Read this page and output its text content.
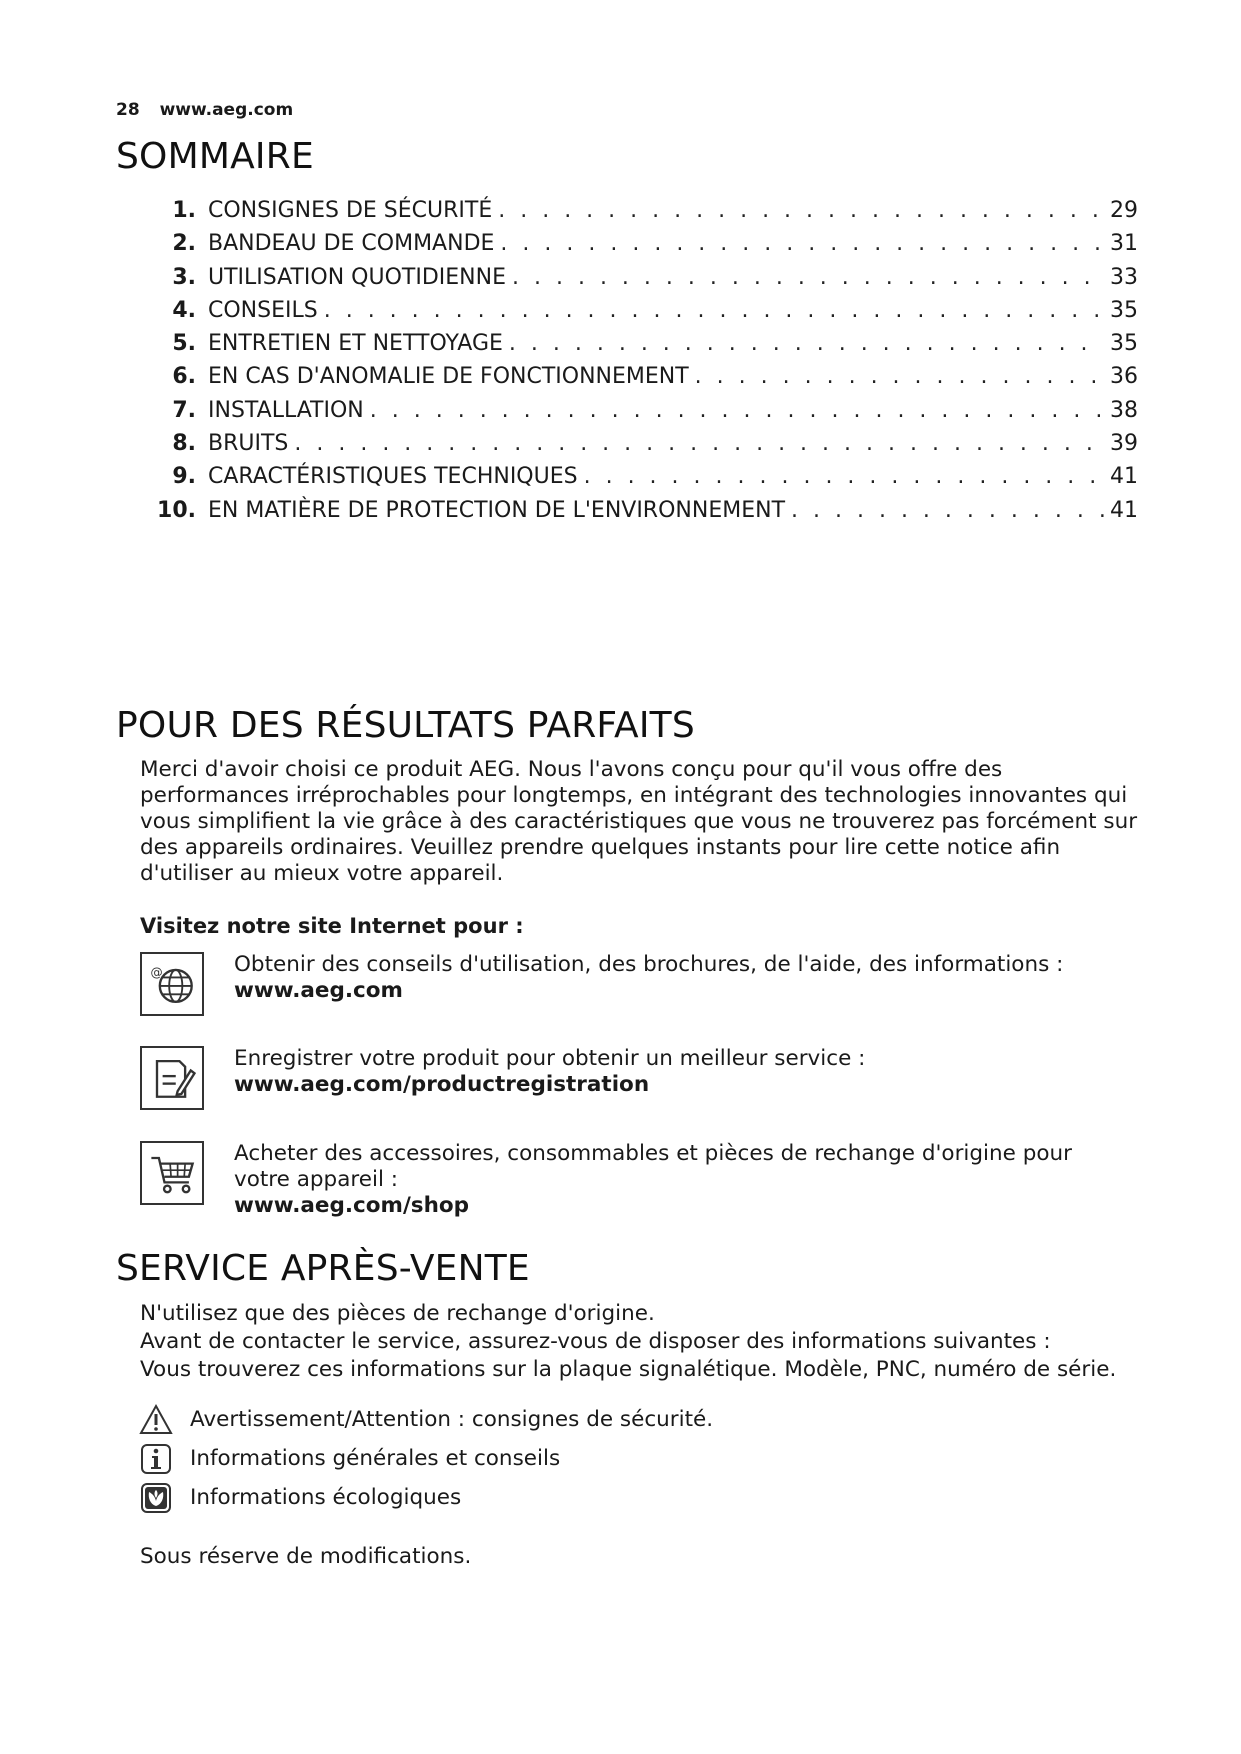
28 www.aeg.com
SOMMAIRE
1. CONSIGNES DE SÉCURITÉ . . .	29
2. BANDEAU DE COMMANDE . . .	31
3. UTILISATION QUOTIDIENNE . . .	33
4. CONSEILS . . .	35
5. ENTRETIEN ET NETTOYAGE . . .	35
6. EN CAS D'ANOMALIE DE FONCTIONNEMENT . . .	36
7. INSTALLATION . . .	38
8. BRUITS . . .	39
9. CARACTÉRISTIQUES TECHNIQUES . . .	41
10. EN MATIÈRE DE PROTECTION DE L'ENVIRONNEMENT . . .	41
POUR DES RÉSULTATS PARFAITS

Merci d'avoir choisi ce produit AEG. Nous l'avons conçu pour qu'il vous offre des performances irréprochables pour longtemps, en intégrant des technologies innovantes qui vous simplifient la vie grâce à des caractéristiques que vous ne trouverez pas forcément sur des appareils ordinaires. Veuillez prendre quelques instants pour lire cette notice afin d'utiliser au mieux votre appareil.

Visitez notre site Internet pour :
@	Obtenir des conseils d'utilisation, des brochures, de l'aide, des informations :
www.aeg.com
Enregistrer votre produit pour obtenir un meilleur service :
www.aeg.com/productregistration
Acheter des accessoires, consommables et pièces de rechange d'origine pour votre appareil :
www.aeg.com/shop
SERVICE APRÈS-VENTE
N'utilisez que des pièces de rechange d'origine.
Avant de contacter le service, assurez-vous de disposer des informations suivantes :
Vous trouverez ces informations sur la plaque signalétique. Modèle, PNC, numéro de série.
Avertissement/Attention : consignes de sécurité.
Informations générales et conseils
Informations écologiques
Sous réserve de modifications.
